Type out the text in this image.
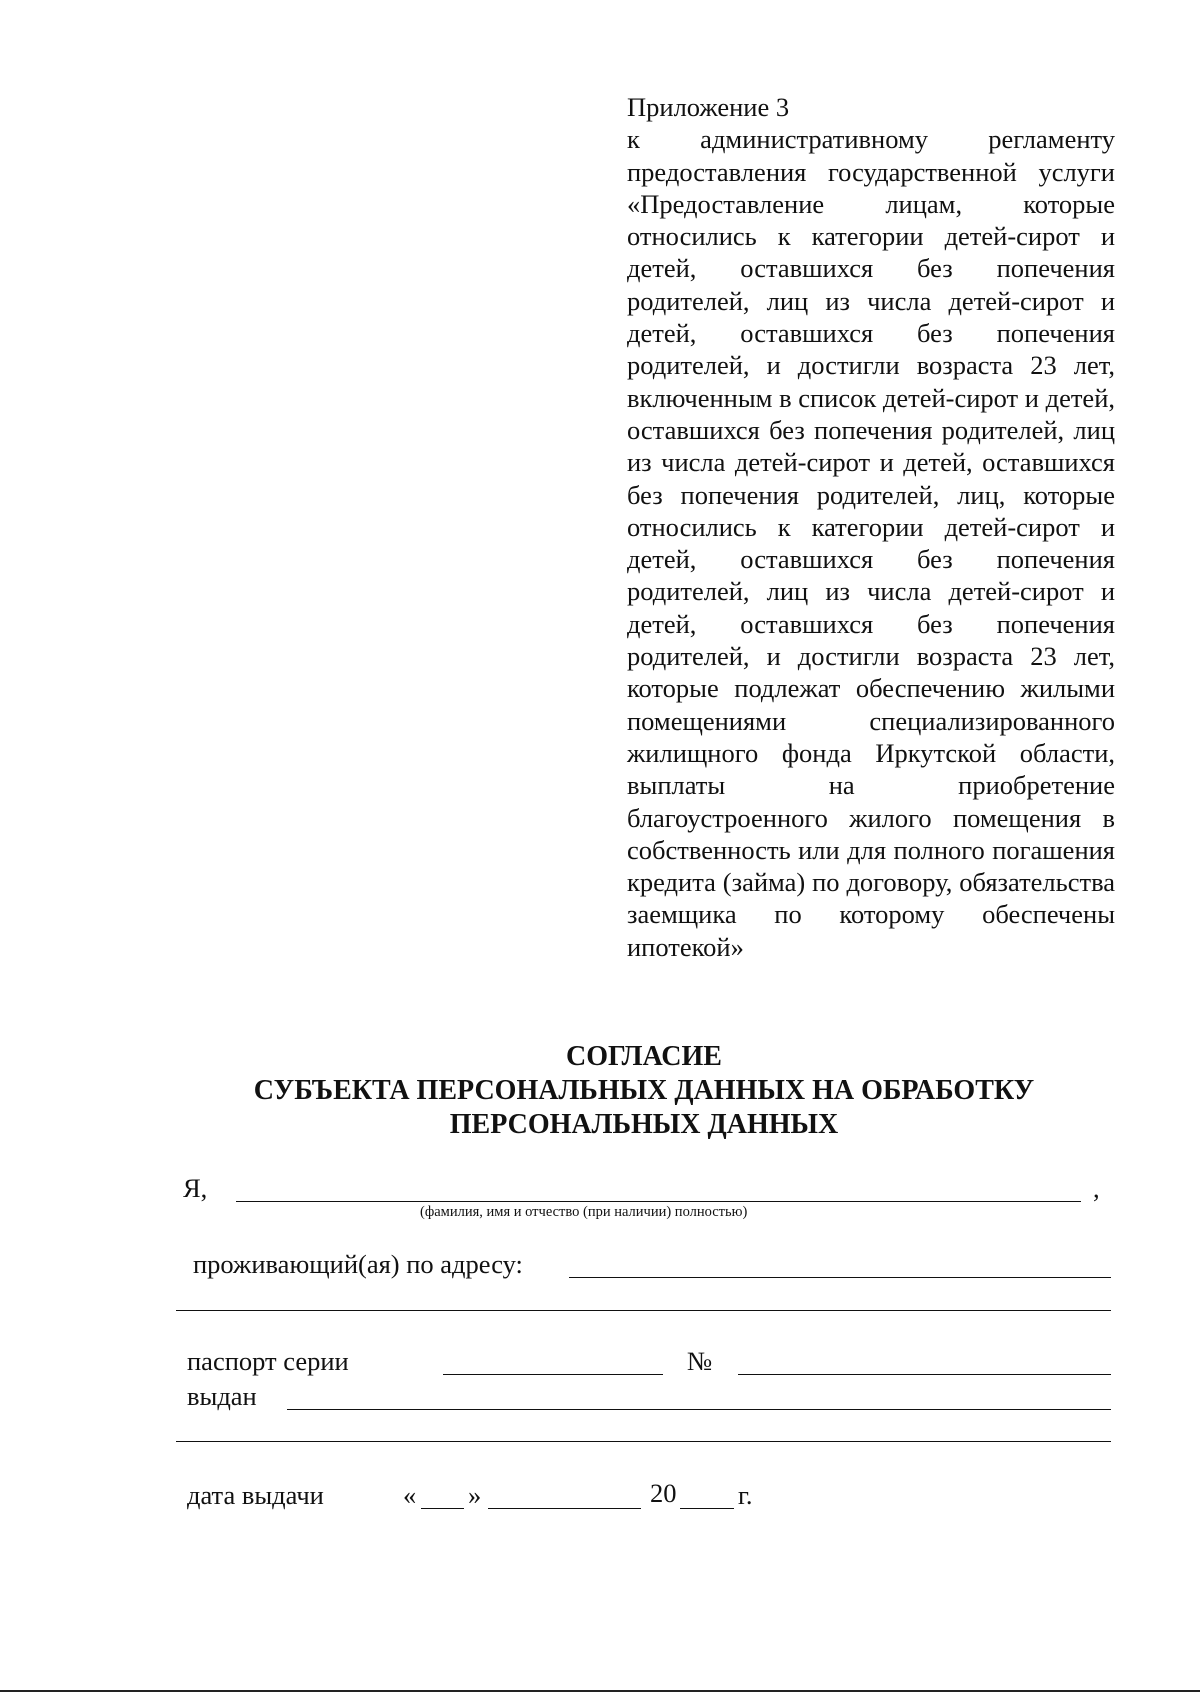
Приложение 3
к административному регламенту предоставления государственной услуги «Предоставление лицам, которые относились к категории детей-сирот и детей, оставшихся без попечения родителей, лиц из числа детей-сирот и детей, оставшихся без попечения родителей, и достигли возраста 23 лет, включенным в список детей-сирот и детей, оставшихся без попечения родителей, лиц из числа детей-сирот и детей, оставшихся без попечения родителей, лиц, которые относились к категории детей-сирот и детей, оставшихся без попечения родителей, лиц из числа детей-сирот и детей, оставшихся без попечения родителей, и достигли возраста 23 лет, которые подлежат обеспечению жилыми помещениями специализированного жилищного фонда Иркутской области, выплаты на приобретение благоустроенного жилого помещения в собственность или для полного погашения кредита (займа) по договору, обязательства заемщика по которому обеспечены ипотекой»
СОГЛАСИЕ
СУБЪЕКТА ПЕРСОНАЛЬНЫХ ДАННЫХ НА ОБРАБОТКУ
ПЕРСОНАЛЬНЫХ ДАННЫХ
Я,	,
(фамилия, имя и отчество (при наличии) полностью)
проживающий(ая) по адресу:
паспорт серии	№
выдан
дата выдачи	« »	20 г.
